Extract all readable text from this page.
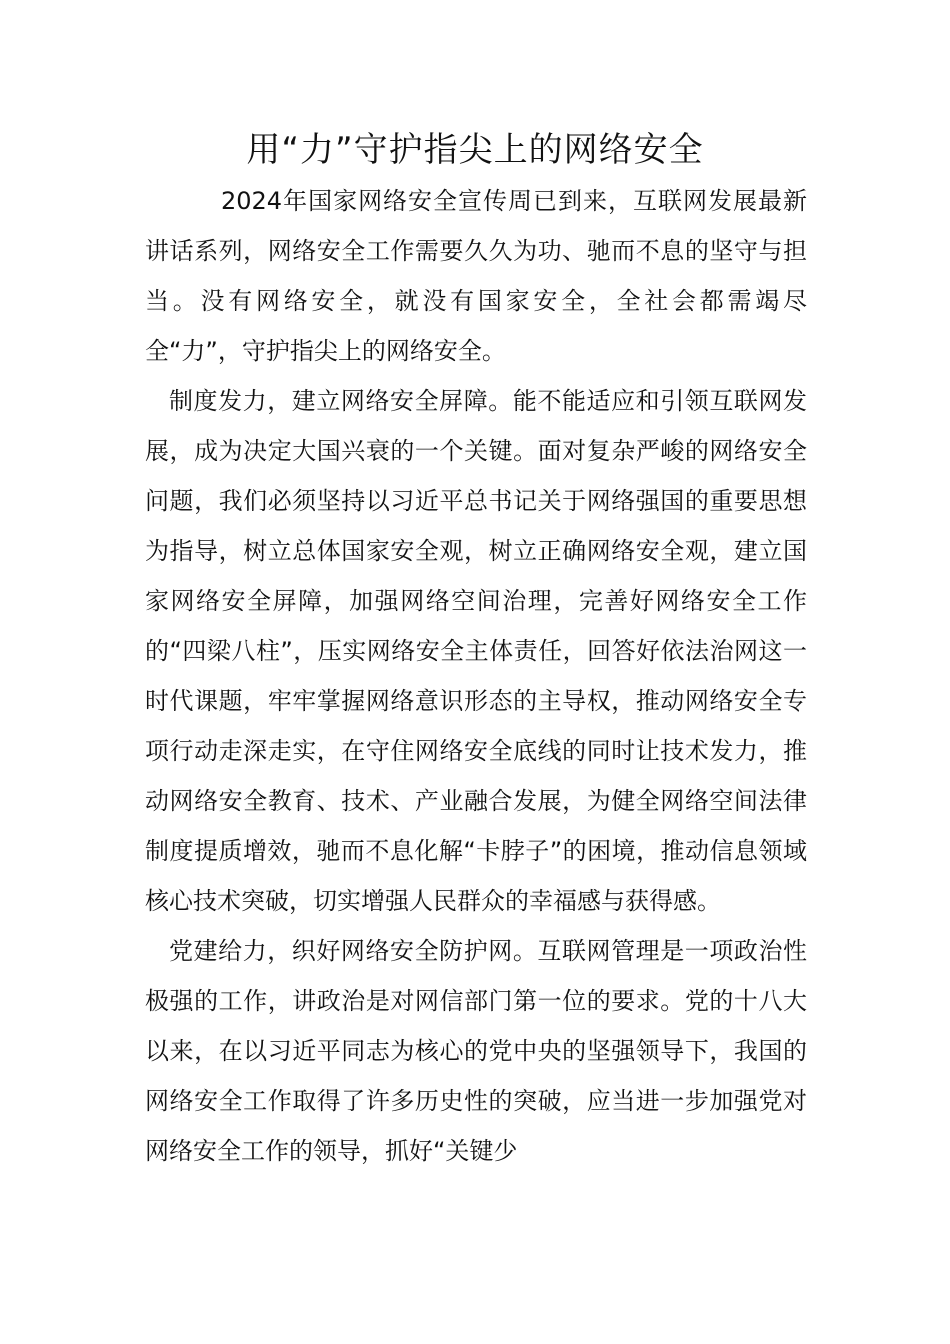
用“力”守护指尖上的网络安全

2024年国家网络安全宣传周已到来，互联网发展最新讲话系列，网络安全工作需要久久为功、驰而不息的坚守与担当。没有网络安全，就没有国家安全，全社会都需竭尽全“力”，守护指尖上的网络安全。

制度发力，建立网络安全屏障。能不能适应和引领互联网发展，成为决定大国兴衰的一个关键。面对复杂严峻的网络安全问题，我们必须坚持以习近平总书记关于网络强国的重要思想为指导，树立总体国家安全观，树立正确网络安全观，建立国家网络安全屏障，加强网络空间治理，完善好网络安全工作的“四梁八柱”，压实网络安全主体责任，回答好依法治网这一时代课题，牢牢掌握网络意识形态的主导权，推动网络安全专项行动走深走实，在守住网络安全底线的同时让技术发力，推动网络安全教育、技术、产业融合发展，为健全网络空间法律制度提质增效，驰而不息化解“卡脖子”的困境，推动信息领域核心技术突破，切实增强人民群众的幸福感与获得感。

党建给力，织好网络安全防护网。互联网管理是一项政治性极强的工作，讲政治是对网信部门第一位的要求。党的十八大以来，在以习近平同志为核心的党中央的坚强领导下，我国的网络安全工作取得了许多历史性的突破，应当进一步加强党对网络安全工作的领导，抓好“关键少
